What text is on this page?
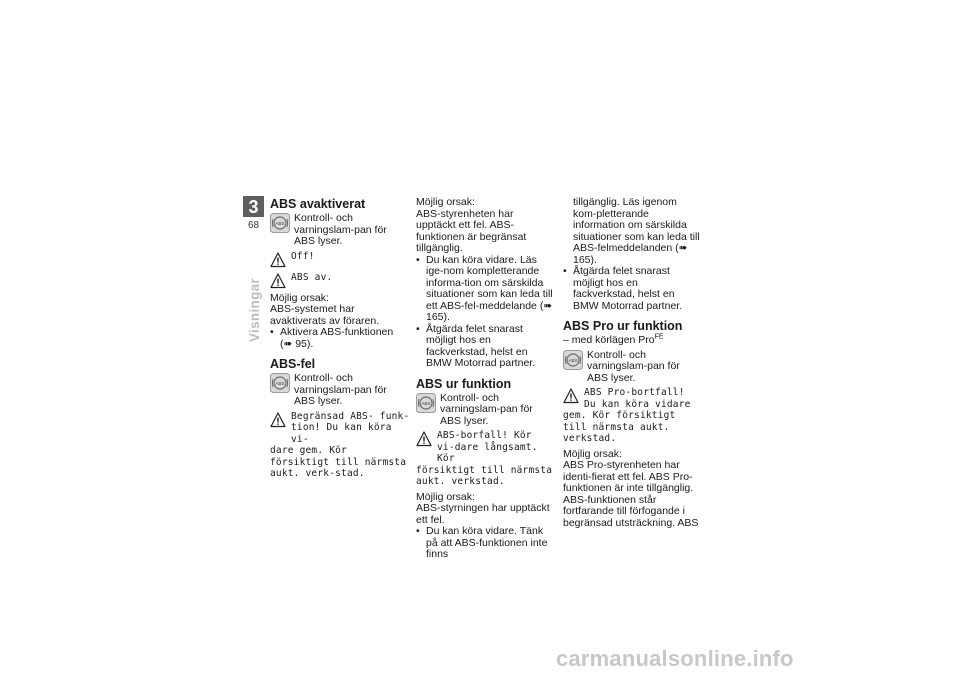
3
68
Visningar
ABS avaktiverat
ABS Kontroll- och varningslam-pan för ABS lyser.
Off!
ABS av.

Möjlig orsak:

ABS-systemet har avaktiverats av föraren.

• Aktivera ABS-funktionen
(➠ 95).
ABS-fel
ABS Kontroll- och varningslam-pan för ABS lyser.
Begränsad ABS- funk-tion! Du kan köra vi-
dare gem. Kör försiktigt till närmsta aukt. verk-stad.

Möjlig orsak:

ABS-styrenheten har upptäckt ett fel. ABS-funktionen är begränsat tillgänglig.

• Du kan köra vidare. Läs ige-nom kompletterande informa-tion om särskilda situationer som kan leda till ett ABS-fel-meddelande (➠ 165).
• Åtgärda felet snarast möjligt hos en fackverkstad, helst en BMW Motorrad partner.
ABS ur funktion
ABS Kontroll- och varningslam-pan för ABS lyser.
ABS-borfall! Kör vi-dare långsamt. Kör
försiktigt till närmsta aukt. verkstad.

Möjlig orsak:

ABS-styrningen har upptäckt ett fel.

• Du kan köra vidare. Tänk på att ABS-funktionen inte finns
tillgänglig. Läs igenom kom-pletterande information om särskilda situationer som kan leda till ABS-felmeddelanden (➠ 165).
• Åtgärda felet snarast möjligt hos en fackverkstad, helst en BMW Motorrad partner.
ABS Pro ur funktion

– med körlägen Pro$^{FE}$

ABS Kontroll- och varningslam-pan för ABS lyser.
ABS Pro-bortfall! Du kan köra vidare
gem. Kör försiktigt till närmsta aukt. verkstad.

Möjlig orsak:

ABS Pro-styrenheten har identi-fierat ett fel. ABS Pro-funktionen är inte tillgänglig. ABS-funktionen står fortfarande till förfogande i begränsad utsträckning. ABS

carmanualsonline.info
